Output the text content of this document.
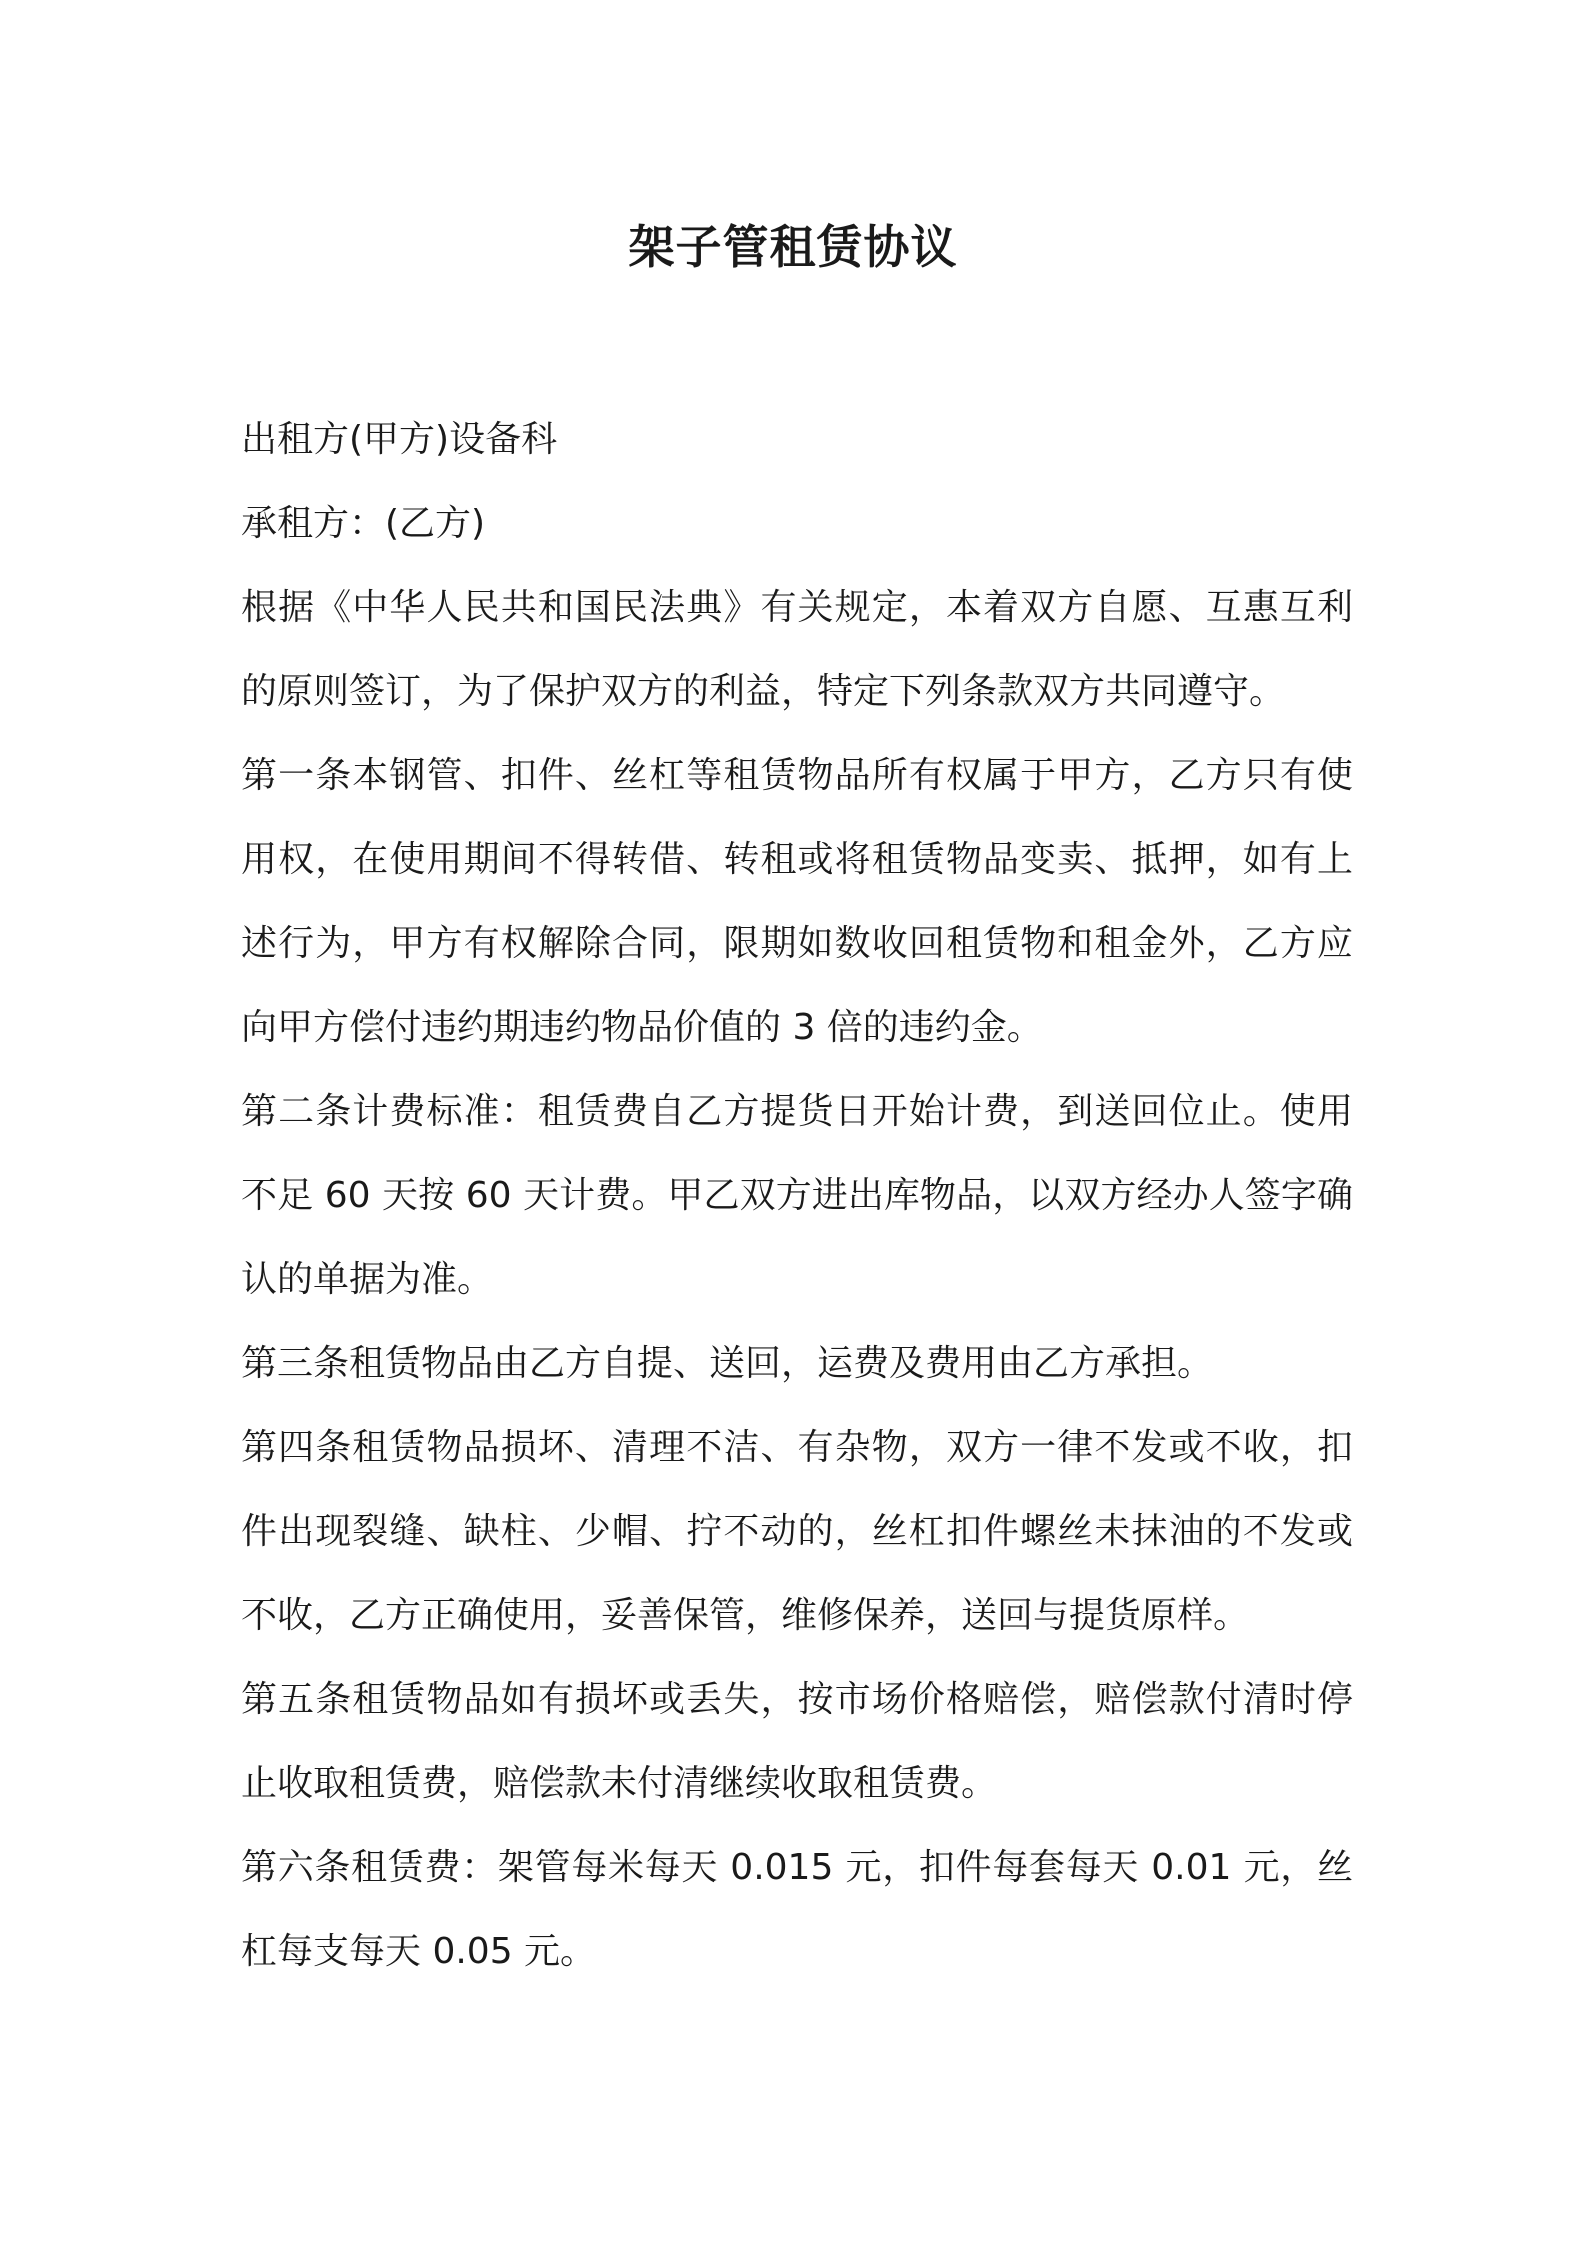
架子管租赁协议

出租方(甲方)设备科

承租方：(乙方)

根据《中华人民共和国民法典》有关规定，本着双方自愿、互惠互利的原则签订，为了保护双方的利益，特定下列条款双方共同遵守。

第一条本钢管、扣件、丝杠等租赁物品所有权属于甲方，乙方只有使用权，在使用期间不得转借、转租或将租赁物品变卖、抵押，如有上述行为，甲方有权解除合同，限期如数收回租赁物和租金外，乙方应向甲方偿付违约期违约物品价值的 3 倍的违约金。

第二条计费标准：租赁费自乙方提货日开始计费，到送回位止。使用不足 60 天按 60 天计费。甲乙双方进出库物品，以双方经办人签字确认的单据为准。

第三条租赁物品由乙方自提、送回，运费及费用由乙方承担。

第四条租赁物品损坏、清理不洁、有杂物，双方一律不发或不收，扣件出现裂缝、缺柱、少帽、拧不动的，丝杠扣件螺丝未抹油的不发或不收，乙方正确使用，妥善保管，维修保养，送回与提货原样。

第五条租赁物品如有损坏或丢失，按市场价格赔偿，赔偿款付清时停止收取租赁费，赔偿款未付清继续收取租赁费。

第六条租赁费：架管每米每天 0.015 元，扣件每套每天 0.01 元，丝杠每支每天 0.05 元。
